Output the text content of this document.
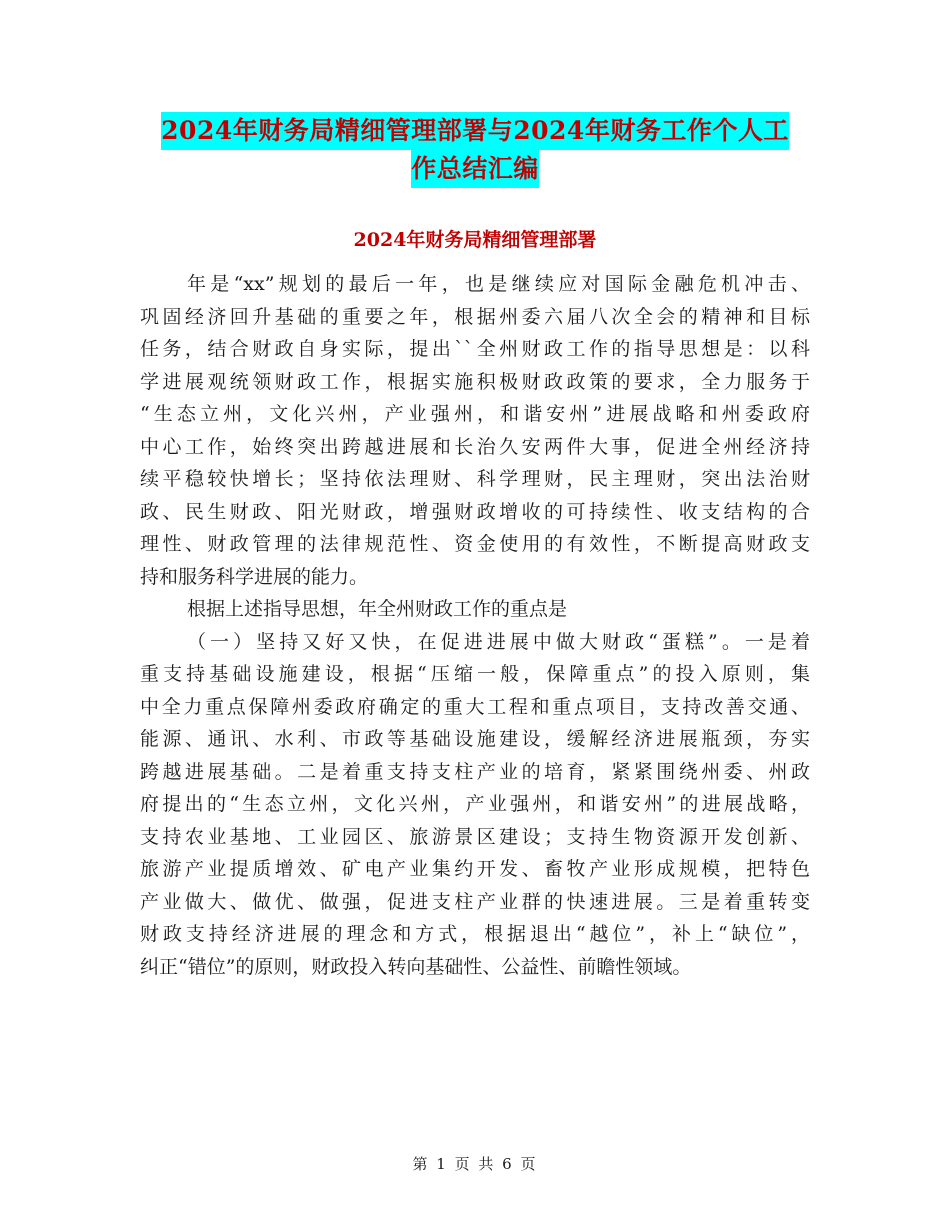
2024年财务局精细管理部署与2024年财务工作个人工
作总结汇编
2024年财务局精细管理部署
年是“xx”规划的最后一年，也是继续应对国际金融危机冲击、
巩固经济回升基础的重要之年，根据州委六届八次全会的精神和目标
任务，结合财政自身实际，提出``全州财政工作的指导思想是：以科
学进展观统领财政工作，根据实施积极财政政策的要求，全力服务于
“生态立州，文化兴州，产业强州，和谐安州”进展战略和州委政府
中心工作，始终突出跨越进展和长治久安两件大事，促进全州经济持
续平稳较快增长；坚持依法理财、科学理财，民主理财，突出法治财
政、民生财政、阳光财政，增强财政增收的可持续性、收支结构的合
理性、财政管理的法律规范性、资金使用的有效性，不断提高财政支
持和服务科学进展的能力。
根据上述指导思想，年全州财政工作的重点是
（一）坚持又好又快，在促进进展中做大财政“蛋糕”。一是着
重支持基础设施建设，根据“压缩一般，保障重点”的投入原则，集
中全力重点保障州委政府确定的重大工程和重点项目，支持改善交通、
能源、通讯、水利、市政等基础设施建设，缓解经济进展瓶颈，夯实
跨越进展基础。二是着重支持支柱产业的培育，紧紧围绕州委、州政
府提出的“生态立州，文化兴州，产业强州，和谐安州”的进展战略，
支持农业基地、工业园区、旅游景区建设；支持生物资源开发创新、
旅游产业提质增效、矿电产业集约开发、畜牧产业形成规模，把特色
产业做大、做优、做强，促进支柱产业群的快速进展。三是着重转变
财政支持经济进展的理念和方式，根据退出“越位”，补上“缺位”，
纠正“错位”的原则，财政投入转向基础性、公益性、前瞻性领域。
第 1 页 共 6 页
